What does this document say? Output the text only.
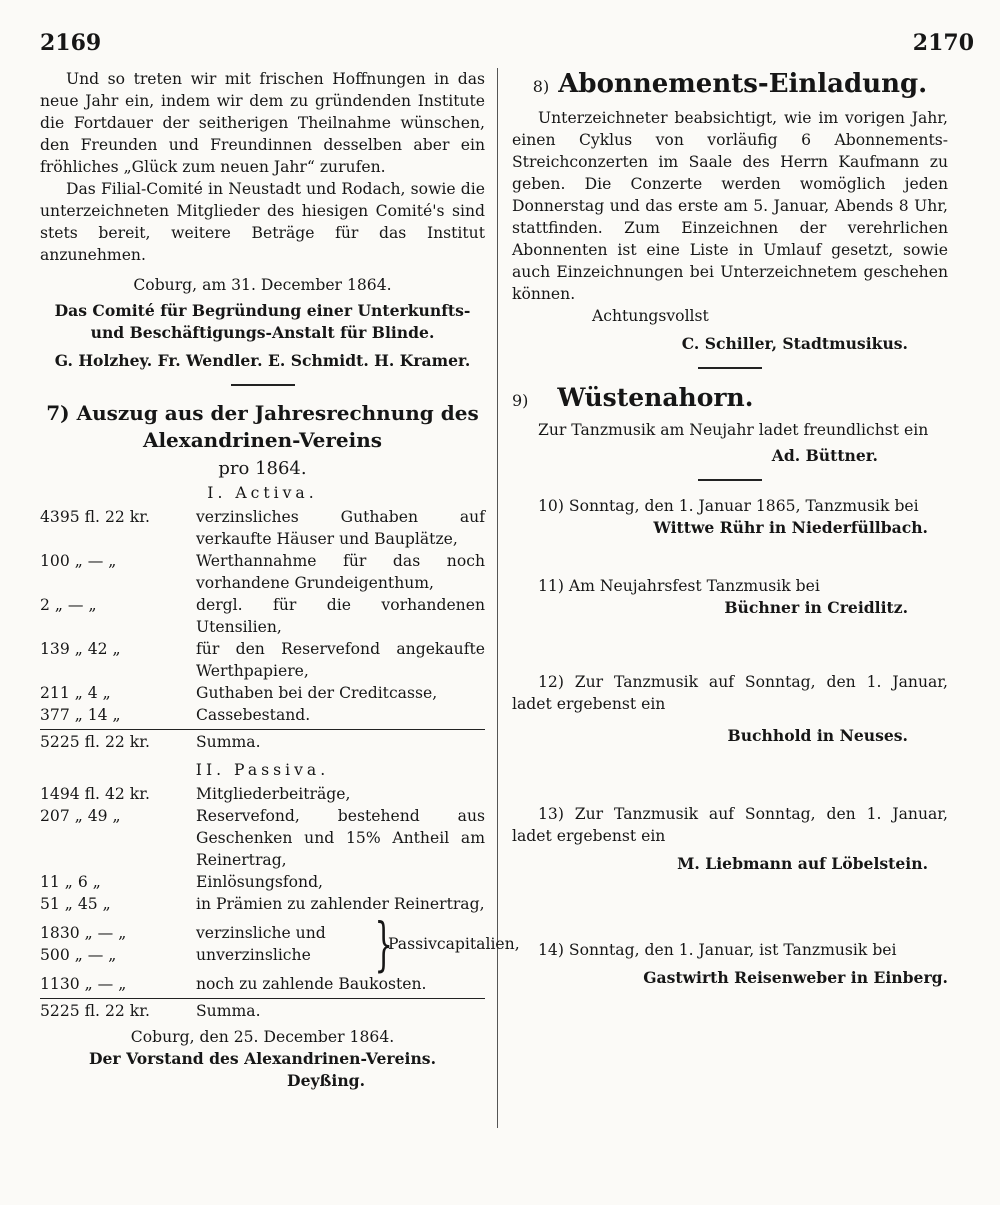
2169	2170

Und so treten wir mit frischen Hoffnungen in das neue Jahr ein, indem wir dem zu gründenden Institute die Fortdauer der seitherigen Theilnahme wünschen, den Freunden und Freundinnen desselben aber ein fröhliches „Glück zum neuen Jahr“ zurufen.

Das Filial-Comité in Neustadt und Rodach, sowie die unterzeichneten Mitglieder des hiesigen Comité's sind stets bereit, weitere Beträge für das Institut anzunehmen.

Coburg, am 31. December 1864.

Das Comité für Begründung einer Unterkunfts- und Beschäftigungs-Anstalt für Blinde.

G. Holzhey. Fr. Wendler. E. Schmidt. H. Kramer.

7) Auszug aus der Jahresrechnung des Alexandrinen-Vereins
pro 1864.
I. Activa.
4395 fl. 22 kr.	verzinsliches Guthaben auf verkaufte Häuser und Bauplätze,
100 „ — „	Werthannahme für das noch vorhandene Grundeigenthum,
2 „ — „	dergl. für die vorhandenen Utensilien,
139 „ 42 „	für den Reservefond angekaufte Werthpapiere,
211 „ 4 „	Guthaben bei der Creditcasse,
377 „ 14 „	Cassebestand.
5225 fl. 22 kr.	Summa.
II. Passiva.
1494 fl. 42 kr.	Mitgliederbeiträge,
207 „ 49 „	Reservefond, bestehend aus Geschenken und 15% Antheil am Reinertrag,
11 „ 6 „	Einlösungsfond,
51 „ 45 „	in Prämien zu zahlender Reinertrag,
1830 „ — „	verzinsliche und
500 „ — „	unverzinsliche	}
Passivcapitalien,
1130 „ — „	noch zu zahlende Baukosten.
5225 fl. 22 kr.	Summa.

Coburg, den 25. December 1864.

Der Vorstand des Alexandrinen-Vereins.

Deyßing.

8) Abonnements-Einladung.

Unterzeichneter beabsichtigt, wie im vorigen Jahr, einen Cyklus von vorläufig 6 Abonnements-Streichconzerten im Saale des Herrn Kaufmann zu geben. Die Conzerte werden womöglich jeden Donnerstag und das erste am 5. Januar, Abends 8 Uhr, stattfinden. Zum Einzeichnen der verehrlichen Abonnenten ist eine Liste in Umlauf gesetzt, sowie auch Einzeichnungen bei Unterzeichnetem geschehen können.

Achtungsvollst

C. Schiller, Stadtmusikus.

9) Wüstenahorn.

Zur Tanzmusik am Neujahr ladet freundlichst ein

Ad. Büttner.

10) Sonntag, den 1. Januar 1865, Tanzmusik bei

Wittwe Rühr in Niederfüllbach.

11) Am Neujahrsfest Tanzmusik bei

Büchner in Creidlitz.

12) Zur Tanzmusik auf Sonntag, den 1. Januar, ladet ergebenst ein

Buchhold in Neuses.

13) Zur Tanzmusik auf Sonntag, den 1. Januar, ladet ergebenst ein

M. Liebmann auf Löbelstein.

14) Sonntag, den 1. Januar, ist Tanzmusik bei

Gastwirth Reisenweber in Einberg.
